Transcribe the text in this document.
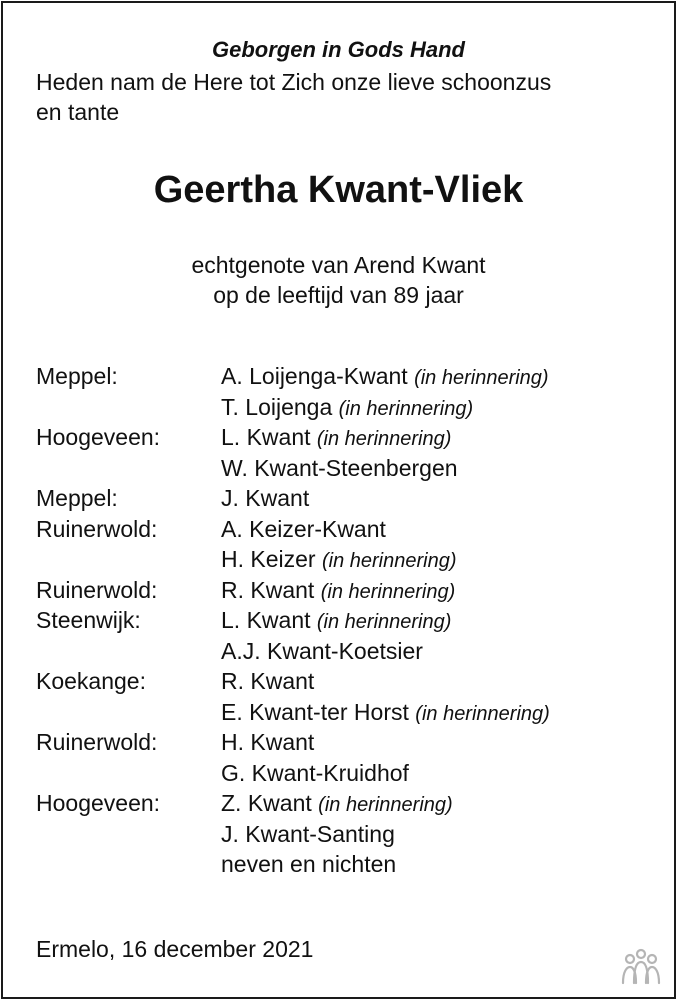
Geborgen in Gods Hand
Heden nam de Here tot Zich onze lieve schoonzus
en tante
Geertha Kwant-Vliek
echtgenote van Arend Kwant
op de leeftijd van 89 jaar
Meppel:	A. Loijenga-Kwant (in herinnering)
T. Loijenga (in herinnering)
Hoogeveen:	L. Kwant (in herinnering)
W. Kwant-Steenbergen
Meppel:	J. Kwant
Ruinerwold:	A. Keizer-Kwant
H. Keizer (in herinnering)
Ruinerwold:	R. Kwant (in herinnering)
Steenwijk:	L. Kwant (in herinnering)
A.J. Kwant-Koetsier
Koekange:	R. Kwant
E. Kwant-ter Horst (in herinnering)
Ruinerwold:	H. Kwant
G. Kwant-Kruidhof
Hoogeveen:	Z. Kwant (in herinnering)
J. Kwant-Santing
neven en nichten
Ermelo, 16 december 2021
